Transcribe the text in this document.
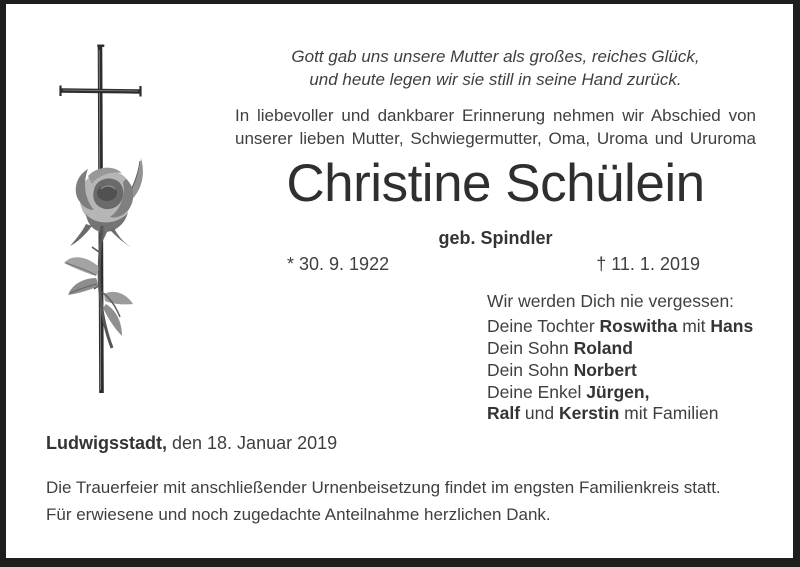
Gott gab uns unsere Mutter als großes, reiches Glück,
und heute legen wir sie still in seine Hand zurück.
In liebevoller und dankbarer Erinnerung nehmen wir Abschied von
unserer lieben Mutter, Schwiegermutter, Oma, Uroma und Ururoma
Christine Schülein
geb. Spindler
* 30. 9. 1922	† 11. 1. 2019
Wir werden Dich nie vergessen:
Deine Tochter Roswitha mit Hans
Dein Sohn Roland
Dein Sohn Norbert
Deine Enkel Jürgen,
Ralf und Kerstin mit Familien
Ludwigsstadt, den 18. Januar 2019
Die Trauerfeier mit anschließender Urnenbeisetzung findet im engsten Familienkreis statt.
Für erwiesene und noch zugedachte Anteilnahme herzlichen Dank.
